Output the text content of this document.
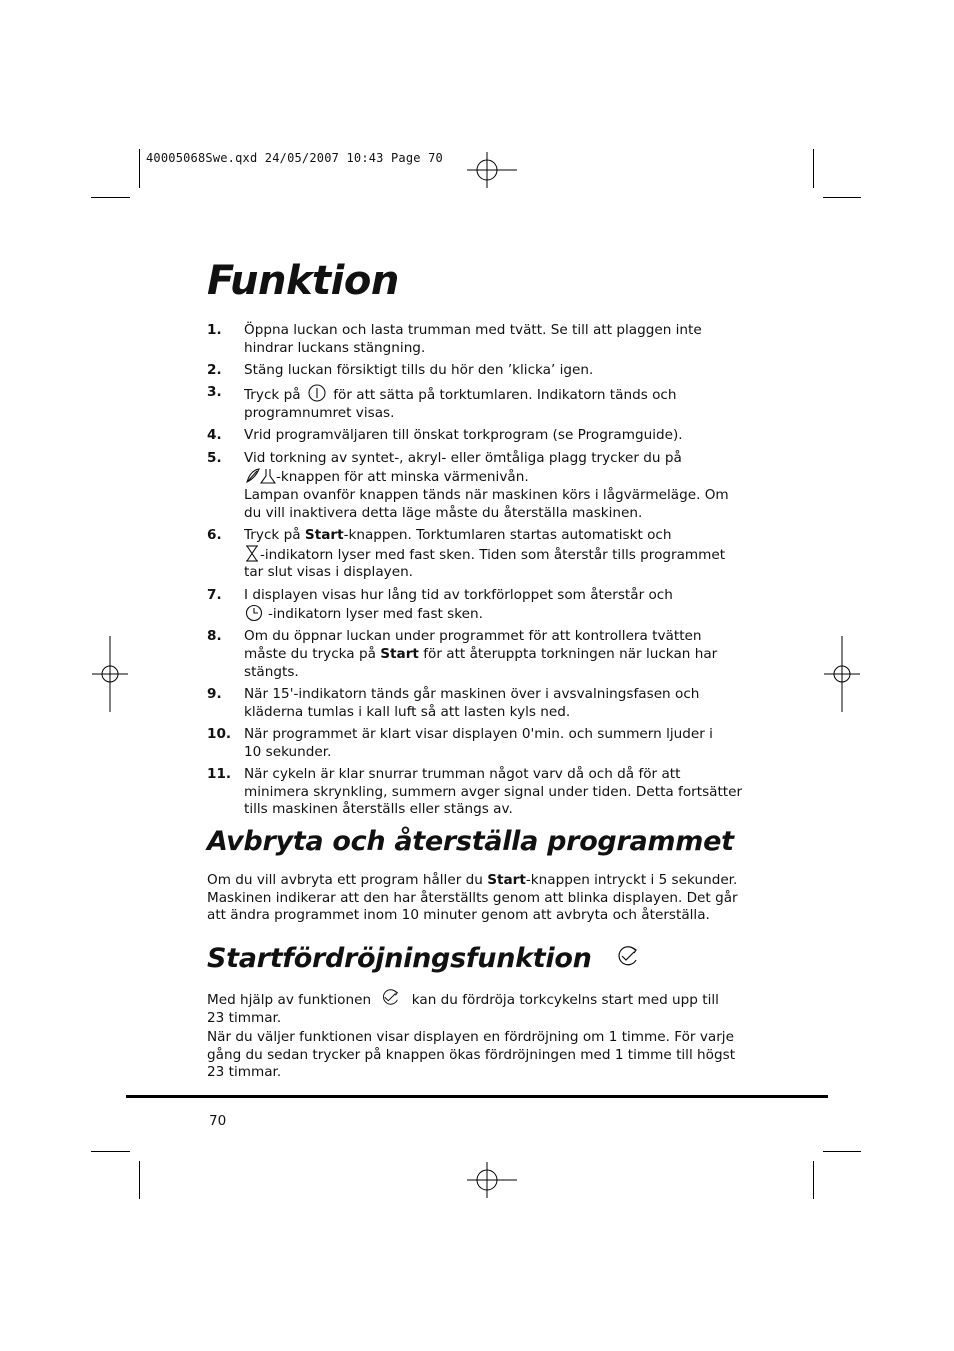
40005068Swe.qxd 24/05/2007 10:43 Page 70
Funktion
1. Öppna luckan och lasta trumman med tvätt. Se till att plaggen inte
hindrar luckans stängning.
2. Stäng luckan försiktigt tills du hör den ’klicka’ igen.
3. Tryck på för att sätta på torktumlaren. Indikatorn tänds och
programnumret visas.
4. Vrid programväljaren till önskat torkprogram (se Programguide).
5. Vid torkning av syntet-, akryl- eller ömtåliga plagg trycker du på
-knappen för att minska värmenivån.
Lampan ovanför knappen tänds när maskinen körs i lågvärmeläge. Om
du vill inaktivera detta läge måste du återställa maskinen.
6. Tryck på Start-knappen. Torktumlaren startas automatiskt och
-indikatorn lyser med fast sken. Tiden som återstår tills programmet
tar slut visas i displayen.
7. I displayen visas hur lång tid av torkförloppet som återstår och
-indikatorn lyser med fast sken.
8. Om du öppnar luckan under programmet för att kontrollera tvätten
måste du trycka på Start för att återuppta torkningen när luckan har
stängts.
9. När 15'-indikatorn tänds går maskinen över i avsvalningsfasen och
kläderna tumlas i kall luft så att lasten kyls ned.
10. När programmet är klart visar displayen 0'min. och summern ljuder i
10 sekunder.
11. När cykeln är klar snurrar trumman något varv då och då för att
minimera skrynkling, summern avger signal under tiden. Detta fortsätter
tills maskinen återställs eller stängs av.
Avbryta och återställa programmet
Om du vill avbryta ett program håller du Start-knappen intryckt i 5 sekunder.
Maskinen indikerar att den har återställts genom att blinka displayen. Det går
att ändra programmet inom 10 minuter genom att avbryta och återställa.
Startfördröjningsfunktion
Med hjälp av funktionen	kan du fördröja torkcykelns start med upp till
23 timmar.
När du väljer funktionen visar displayen en fördröjning om 1 timme. För varje
gång du sedan trycker på knappen ökas fördröjningen med 1 timme till högst
23 timmar.
70
